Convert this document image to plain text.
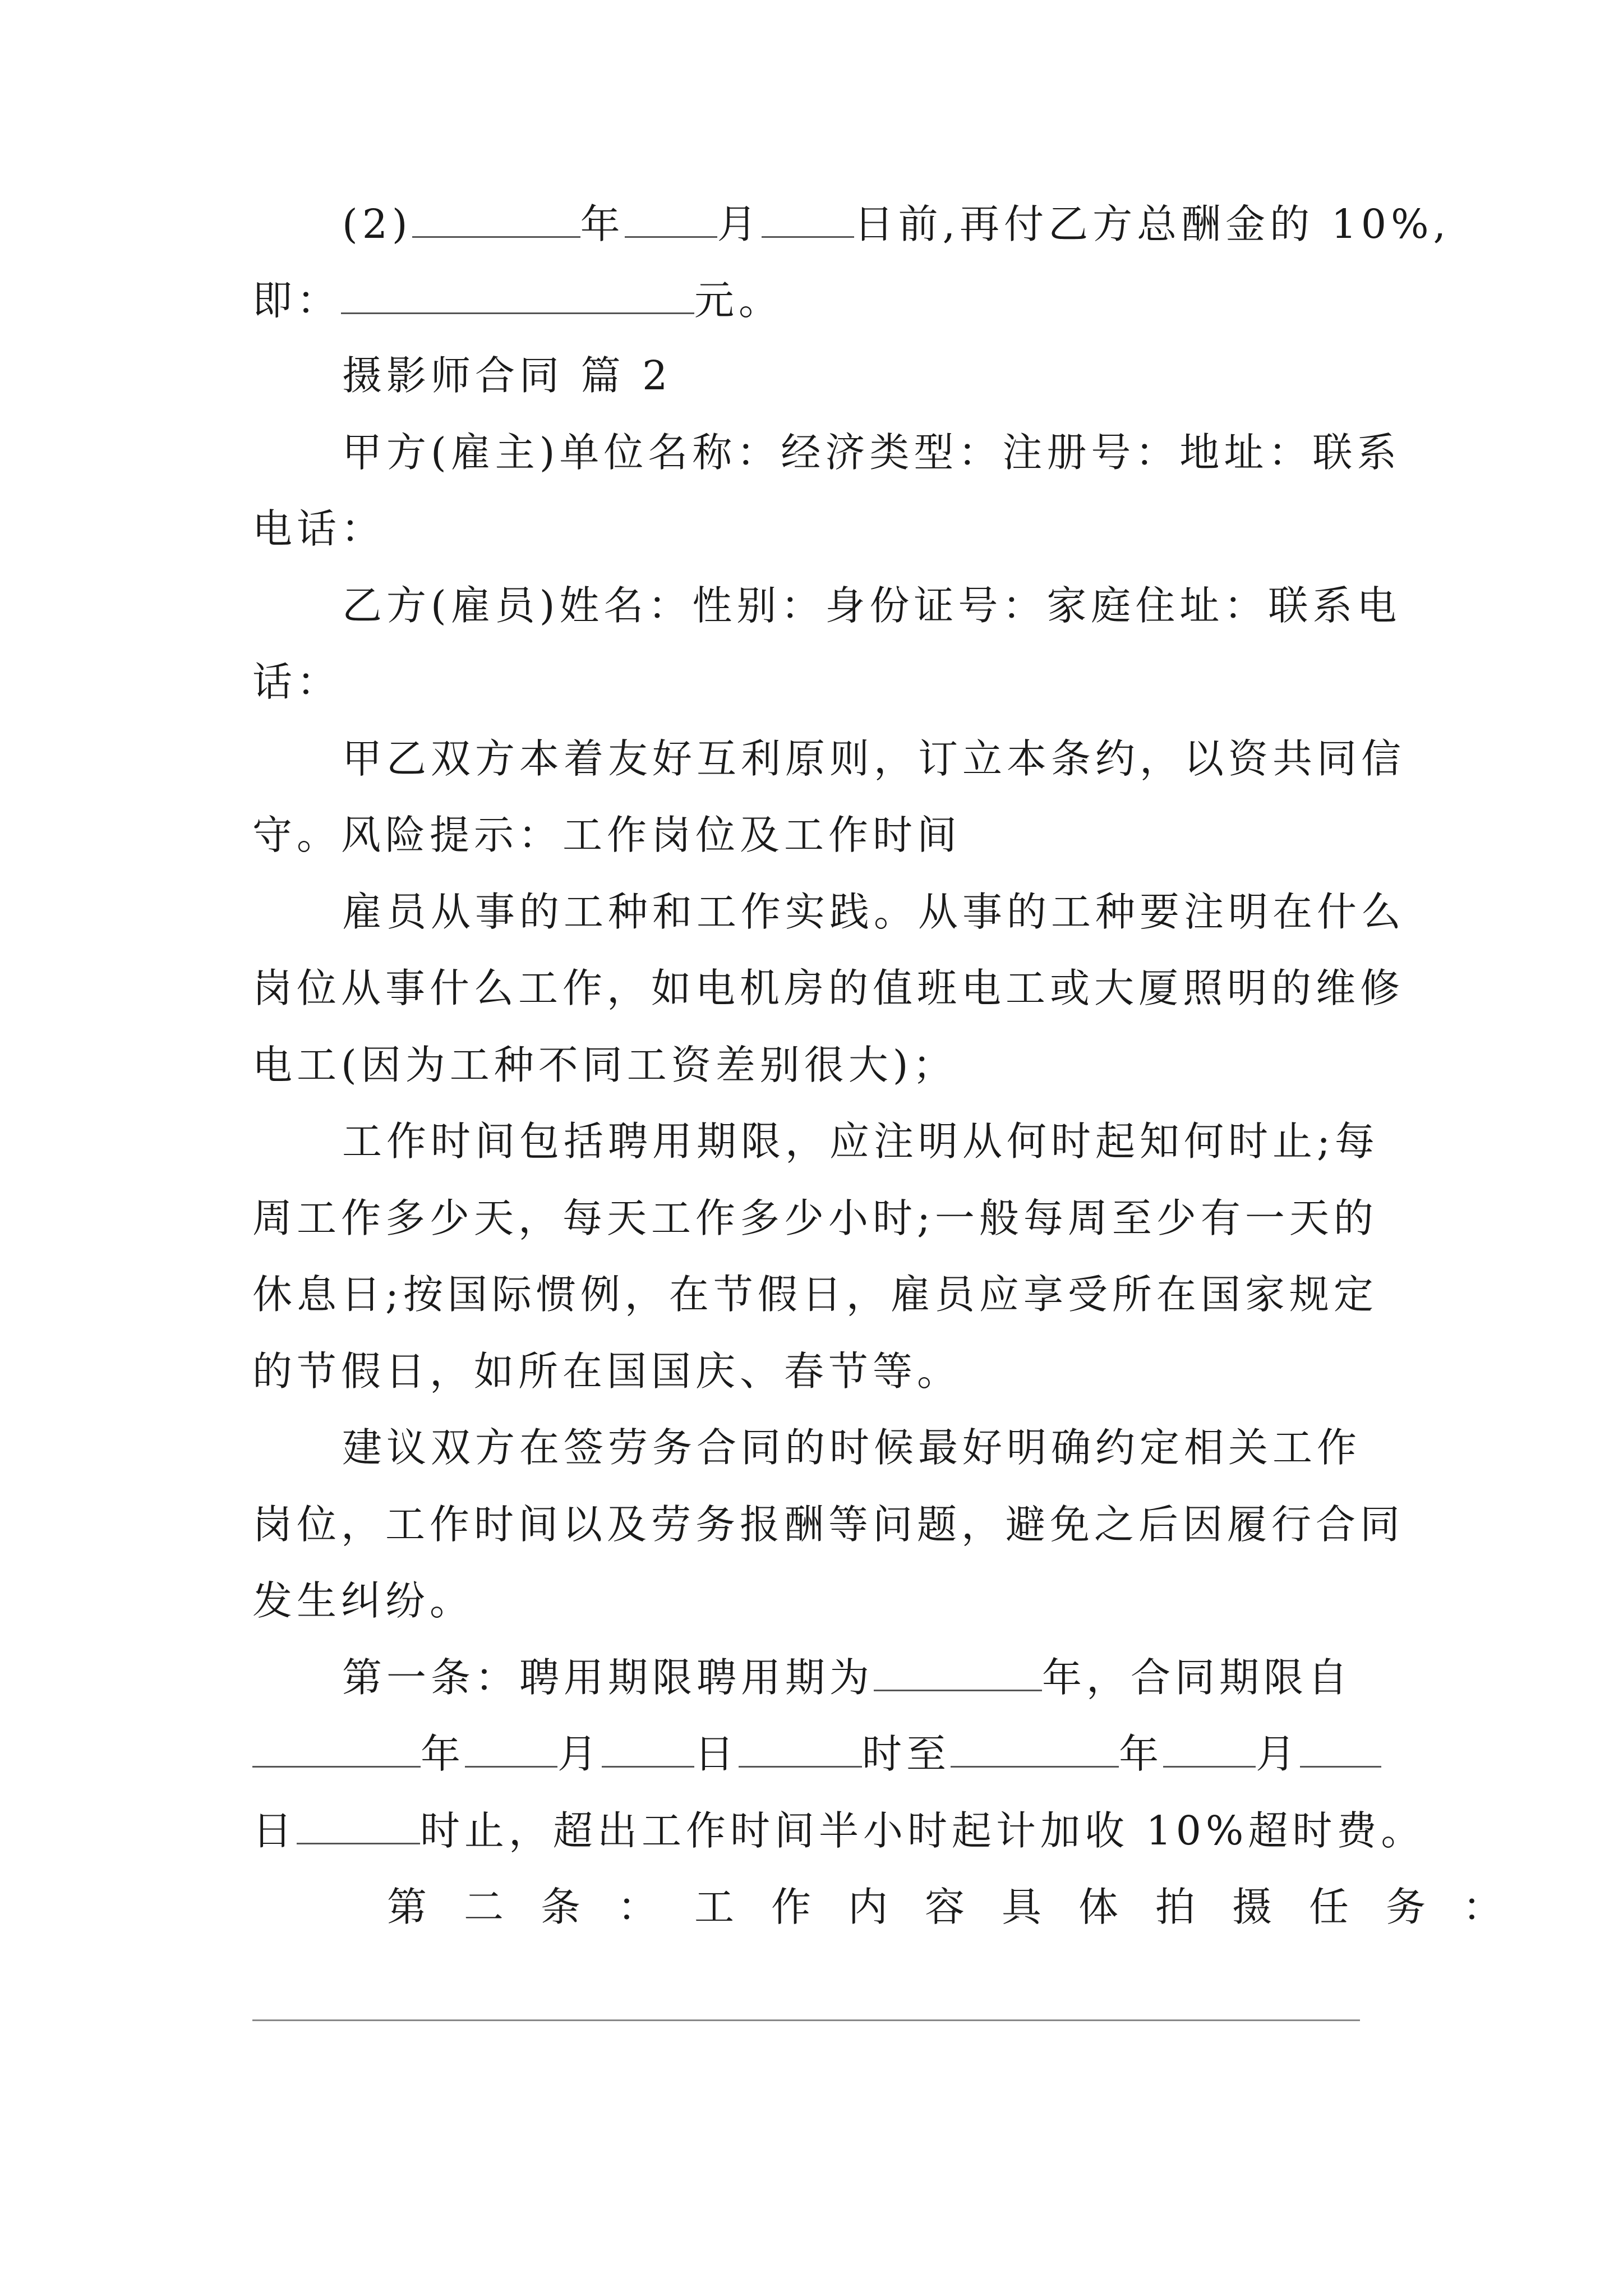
(2)	年 月 日前,再付乙方总酬金的 10%,
即：	元。
摄影师合同 篇 2
甲方(雇主)单位名称：经济类型：注册号：地址：联系
电话：
乙方(雇员)姓名：性别：身份证号：家庭住址：联系电
话：
甲乙双方本着友好互利原则，订立本条约，以资共同信
守。风险提示：工作岗位及工作时间
雇员从事的工种和工作实践。从事的工种要注明在什么
岗位从事什么工作，如电机房的值班电工或大厦照明的维修
电工(因为工种不同工资差别很大)；
工作时间包括聘用期限，应注明从何时起知何时止;每
周工作多少天，每天工作多少小时;一般每周至少有一天的
休息日;按国际惯例，在节假日，雇员应享受所在国家规定
的节假日，如所在国国庆、春节等。
建议双方在签劳务合同的时候最好明确约定相关工作
岗位，工作时间以及劳务报酬等问题，避免之后因履行合同
发生纠纷。
第一条：聘用期限聘用期为	年，合同期限自
年 月 日	时至	年 月
日	时止，超出工作时间半小时起计加收 10%超时费。
第二条：工作内容具体拍摄任务：
